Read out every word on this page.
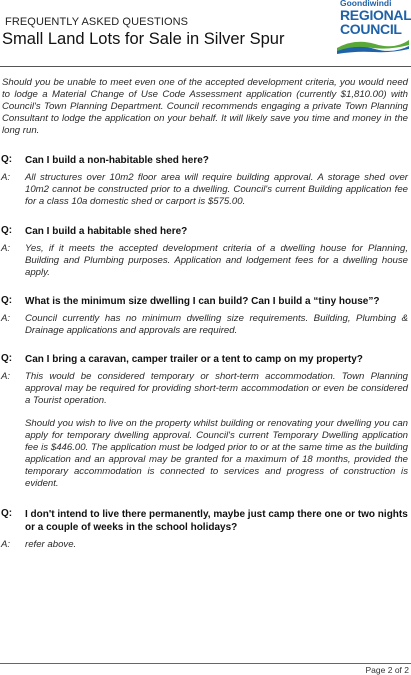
FREQUENTLY ASKED QUESTIONS
Small Land Lots for Sale in Silver Spur
Goondiwindi
REGIONAL
COUNCIL
Should you be unable to meet even one of the accepted development criteria, you would need to lodge a Material Change of Use Code Assessment application (currently $1,810.00) with Council's Town Planning Department. Council recommends engaging a private Town Planning Consultant to lodge the application on your behalf. It will likely save you time and money in the long run.
Q:	Can I build a non-habitable shed here?
A:	All structures over 10m2 floor area will require building approval. A storage shed over 10m2 cannot be constructed prior to a dwelling. Council's current Building application fee for a class 10a domestic shed or carport is $575.00.

Q:	Can I build a habitable shed here?
A:	Yes, if it meets the accepted development criteria of a dwelling house for Planning, Building and Plumbing purposes. Application and lodgement fees for a dwelling house apply.

Q:	What is the minimum size dwelling I can build? Can I build a “tiny house”?
A:	Council currently has no minimum dwelling size requirements. Building, Plumbing & Drainage applications and approvals are required.

Q:	Can I bring a caravan, camper trailer or a tent to camp on my property?
A:	This would be considered temporary or short-term accommodation. Town Planning approval may be required for providing short-term accommodation or even be considered a Tourist operation.

Should you wish to live on the property whilst building or renovating your dwelling you can apply for temporary dwelling approval. Council's current Temporary Dwelling application fee is $446.00. The application must be lodged prior to or at the same time as the building application and an approval may be granted for a maximum of 18 months, provided the temporary accommodation is connected to services and progress of construction is evident.

Q:	I don't intend to live there permanently, maybe just camp there one or two nights or a couple of weeks in the school holidays?
A:	refer above.

Page 2 of 2
